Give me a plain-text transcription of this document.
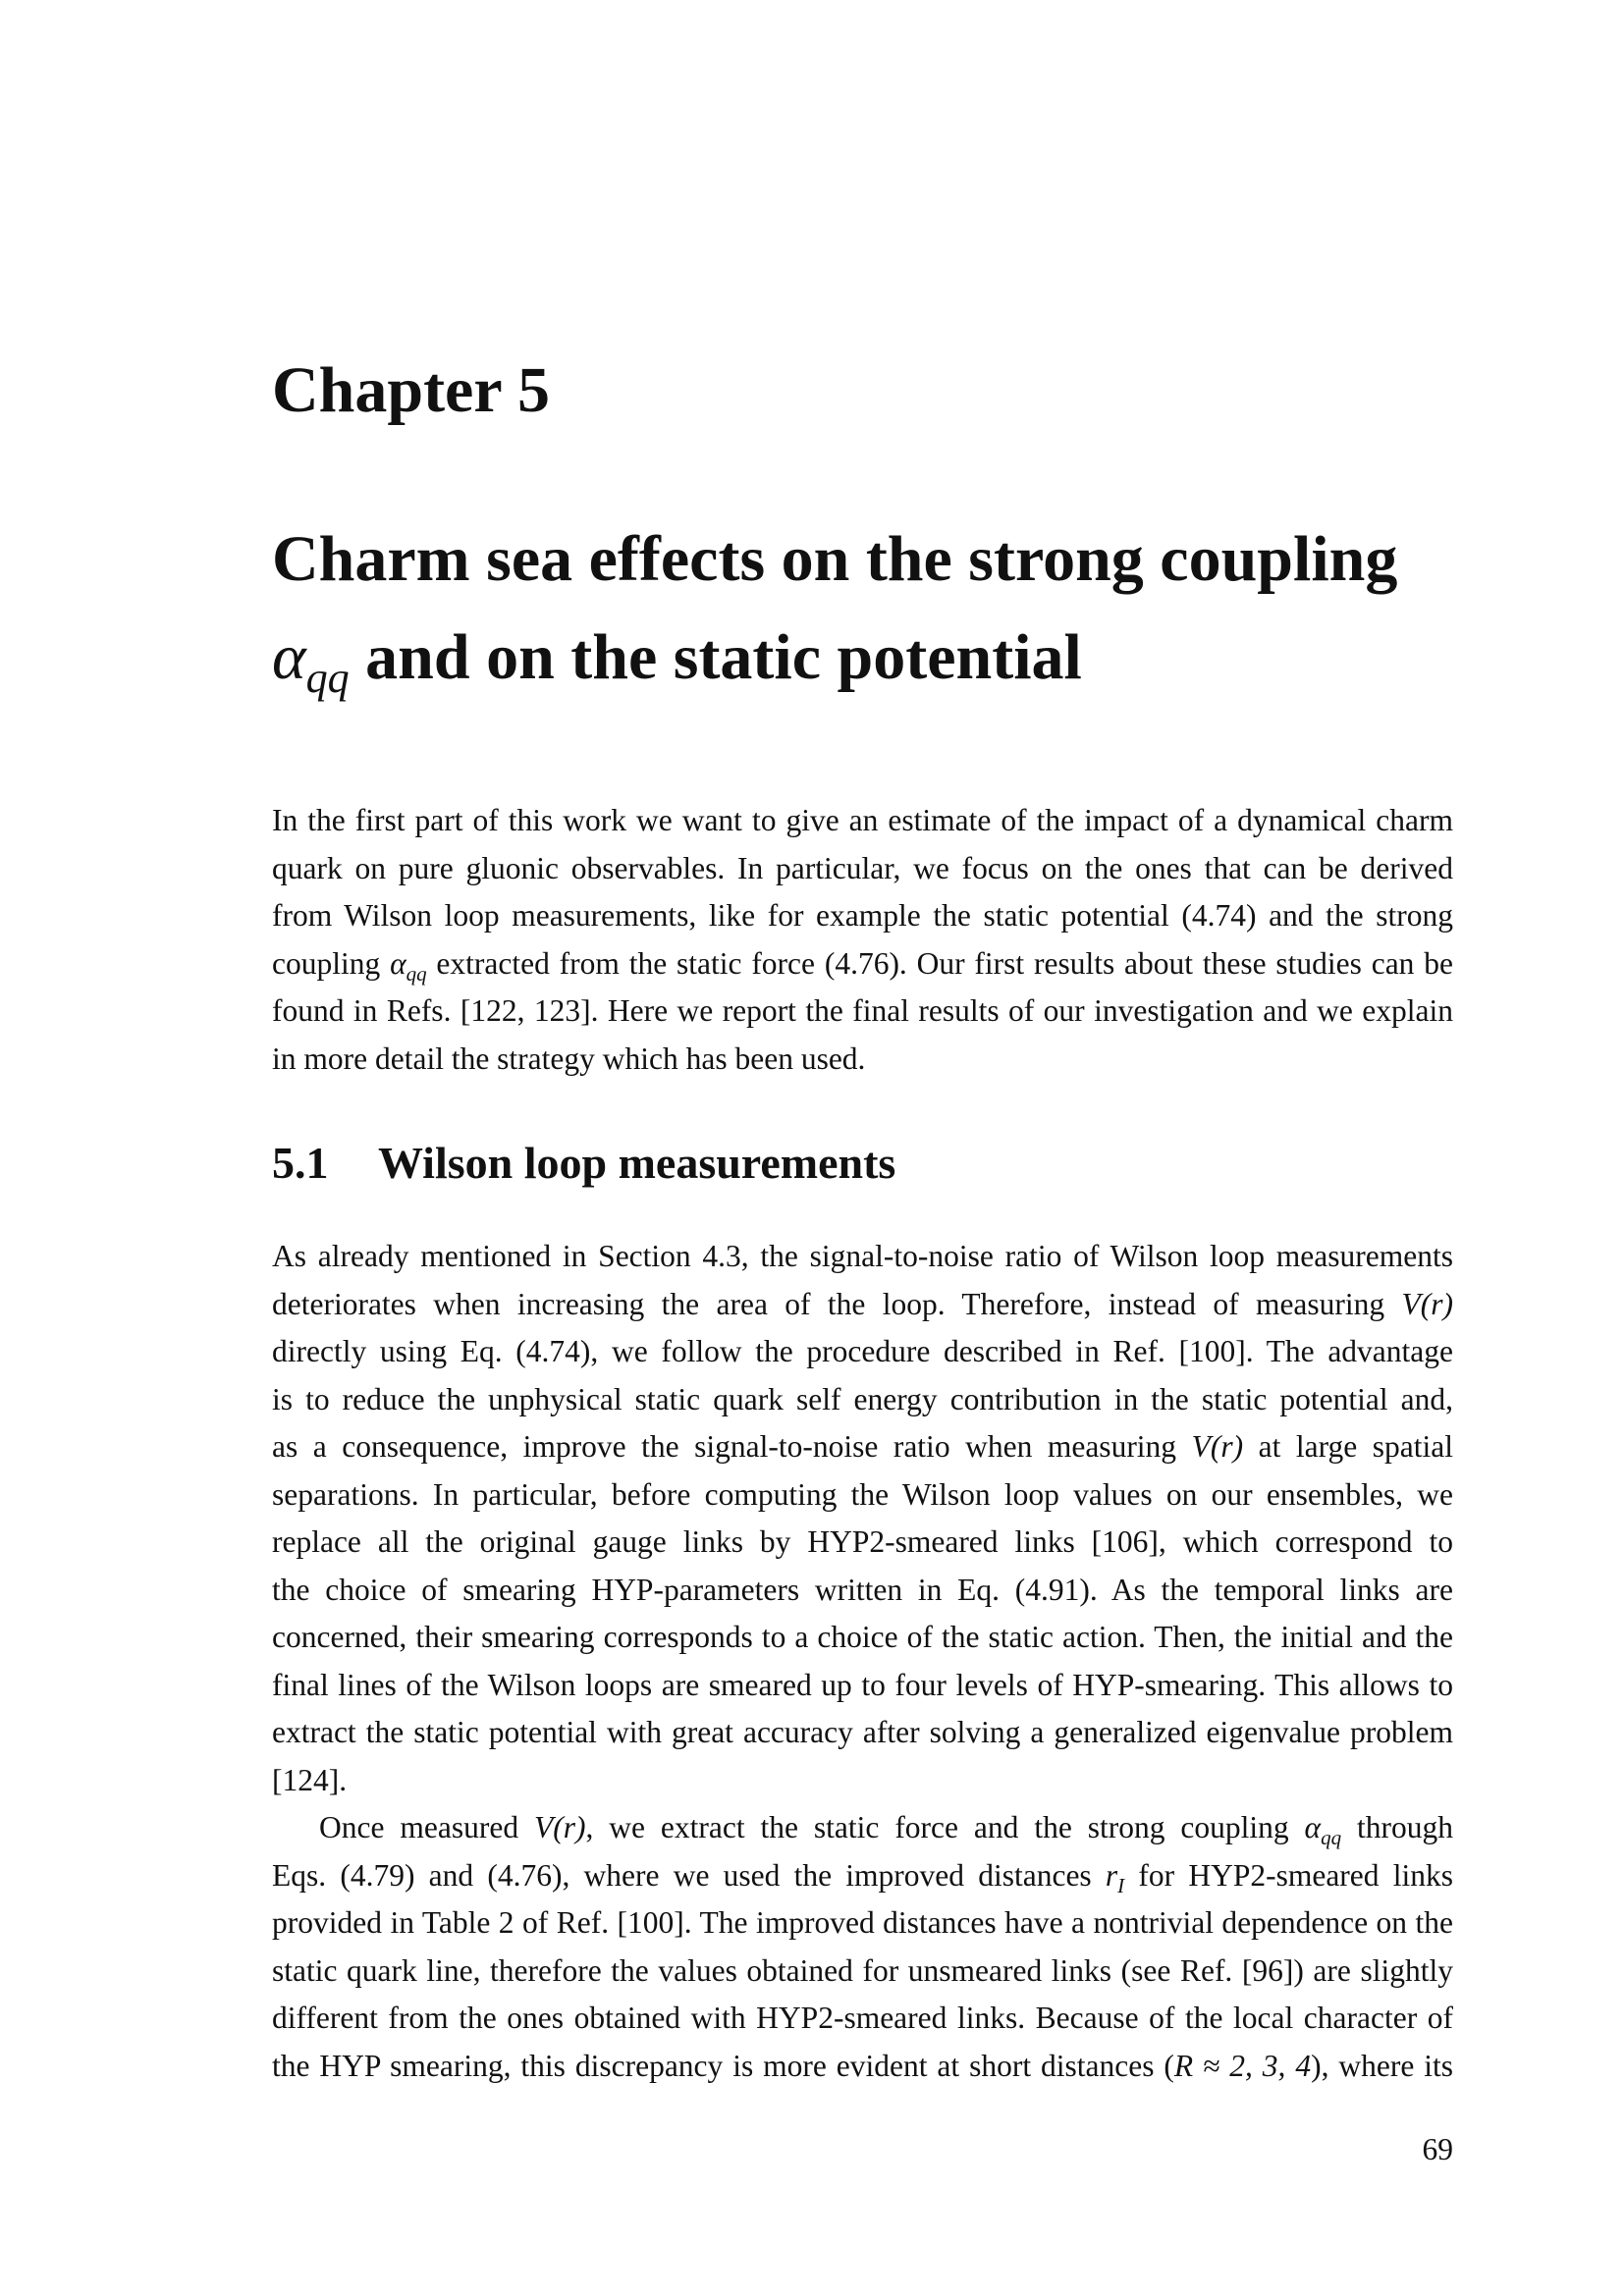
Chapter 5
Charm sea effects on the strong coupling
$\alpha_{qq}$ and on the static potential
In the first part of this work we want to give an estimate of the impact of a dynamical charm
quark on pure gluonic observables. In particular, we focus on the ones that can be derived
from Wilson loop measurements, like for example the static potential (4.74) and the strong
coupling $\alpha_{qq}$ extracted from the static force (4.76). Our first results about these studies can be
found in Refs. [122, 123]. Here we report the final results of our investigation and we explain
in more detail the strategy which has been used.
5.1 Wilson loop measurements
As already mentioned in Section 4.3, the signal-to-noise ratio of Wilson loop measurements
deteriorates when increasing the area of the loop. Therefore, instead of measuring V(r)
directly using Eq. (4.74), we follow the procedure described in Ref. [100]. The advantage
is to reduce the unphysical static quark self energy contribution in the static potential and,
as a consequence, improve the signal-to-noise ratio when measuring V(r) at large spatial
separations. In particular, before computing the Wilson loop values on our ensembles, we
replace all the original gauge links by HYP2-smeared links [106], which correspond to
the choice of smearing HYP-parameters written in Eq. (4.91). As the temporal links are
concerned, their smearing corresponds to a choice of the static action. Then, the initial and the
final lines of the Wilson loops are smeared up to four levels of HYP-smearing. This allows to
extract the static potential with great accuracy after solving a generalized eigenvalue problem
[124].
Once measured V(r), we extract the static force and the strong coupling $\alpha_{qq}$ through
Eqs. (4.79) and (4.76), where we used the improved distances $r_I$ for HYP2-smeared links
provided in Table 2 of Ref. [100]. The improved distances have a nontrivial dependence on the
static quark line, therefore the values obtained for unsmeared links (see Ref. [96]) are slightly
different from the ones obtained with HYP2-smeared links. Because of the local character of
the HYP smearing, this discrepancy is more evident at short distances (R ≈ 2, 3, 4), where its
69
